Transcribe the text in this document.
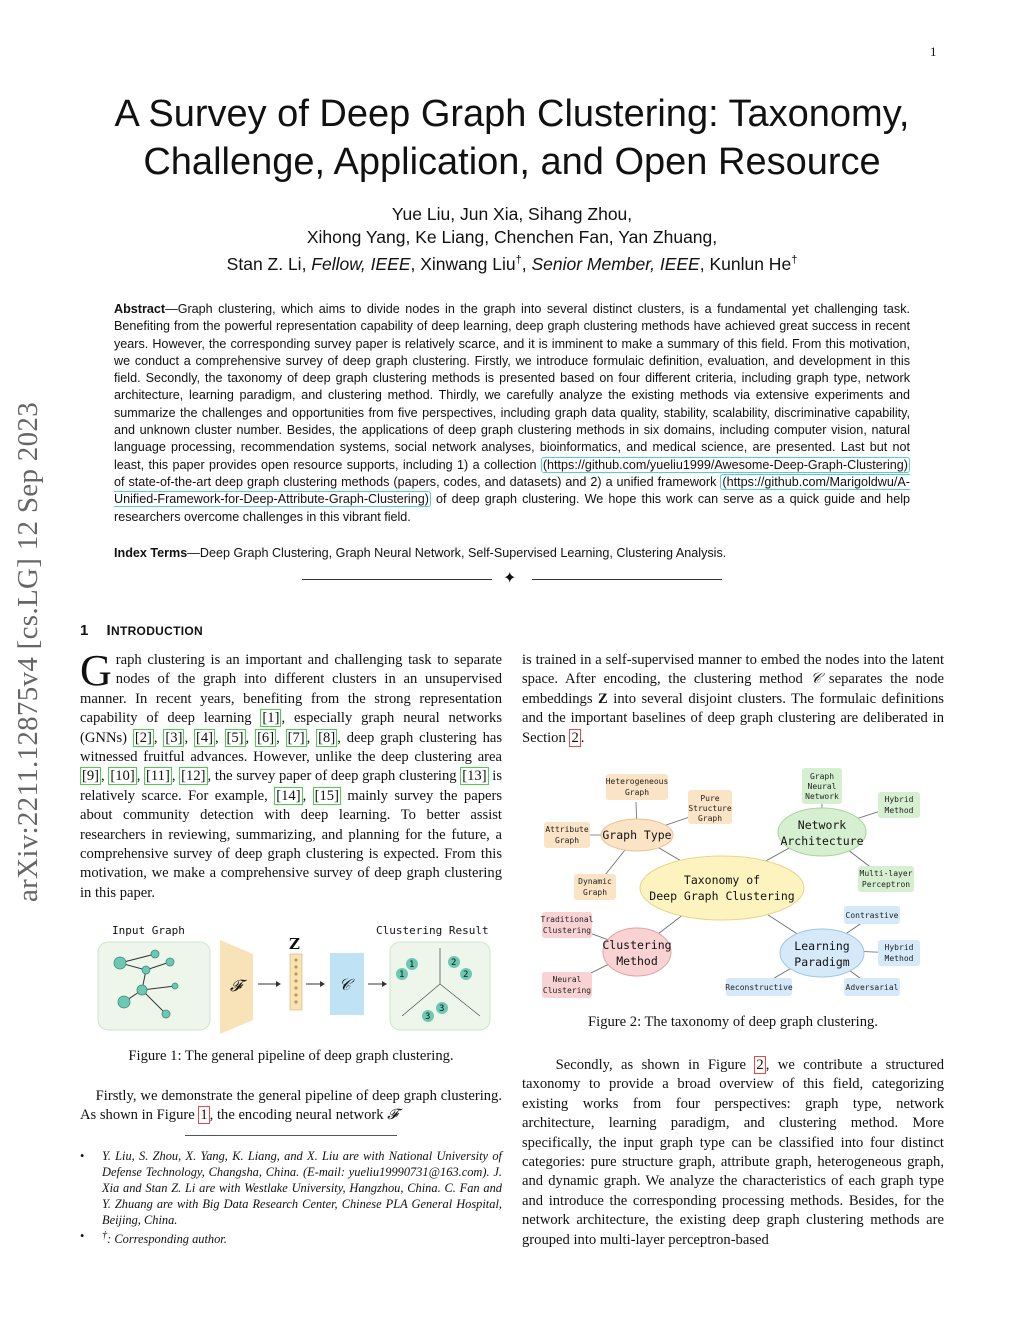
1
arXiv:2211.12875v4 [cs.LG] 12 Sep 2023
A Survey of Deep Graph Clustering: Taxonomy,
Challenge, Application, and Open Resource
Yue Liu, Jun Xia, Sihang Zhou,
Xihong Yang, Ke Liang, Chenchen Fan, Yan Zhuang,
Stan Z. Li, Fellow, IEEE, Xinwang Liu†, Senior Member, IEEE, Kunlun He†
Abstract—Graph clustering, which aims to divide nodes in the graph into several distinct clusters, is a fundamental yet challenging task. Benefiting from the powerful representation capability of deep learning, deep graph clustering methods have achieved great success in recent years. However, the corresponding survey paper is relatively scarce, and it is imminent to make a summary of this field. From this motivation, we conduct a comprehensive survey of deep graph clustering. Firstly, we introduce formulaic definition, evaluation, and development in this field. Secondly, the taxonomy of deep graph clustering methods is presented based on four different criteria, including graph type, network architecture, learning paradigm, and clustering method. Thirdly, we carefully analyze the existing methods via extensive experiments and summarize the challenges and opportunities from five perspectives, including graph data quality, stability, scalability, discriminative capability, and unknown cluster number. Besides, the applications of deep graph clustering methods in six domains, including computer vision, natural language processing, recommendation systems, social network analyses, bioinformatics, and medical science, are presented. Last but not least, this paper provides open resource supports, including 1) a collection (https://github.com/yueliu1999/Awesome-Deep-Graph-Clustering) of state-of-the-art deep graph clustering methods (papers, codes, and datasets) and 2) a unified framework (https://github.com/Marigoldwu/A-Unified-Framework-for-Deep-Attribute-Graph-Clustering) of deep graph clustering. We hope this work can serve as a quick guide and help researchers overcome challenges in this vibrant field.
Index Terms—Deep Graph Clustering, Graph Neural Network, Self-Supervised Learning, Clustering Analysis.
✦
1 INTRODUCTION
Graph clustering is an important and challenging task to separate nodes of the graph into different clusters in an unsupervised manner. In recent years, benefiting from the strong representation capability of deep learning [1] , especially graph neural networks (GNNs) [2] , [3] , [4] , [5] , [6] , [7] , [8] , deep graph clustering has witnessed fruitful advances. However, unlike the deep clustering area [9] , [10] , [11] , [12] , the survey paper of deep graph clustering [13] is relatively scarce. For example, [14] , [15] mainly survey the papers about community detection with deep learning. To better assist researchers in reviewing, summarizing, and planning for the future, a comprehensive survey of deep graph clustering is expected. From this motivation, we make a comprehensive survey of deep graph clustering in this paper.
Input Graph
𝓕
Z
𝒞
Clustering Result
1
1
2
2
3
3
Figure 1: The general pipeline of deep graph clustering.
Firstly, we demonstrate the general pipeline of deep graph clustering. As shown in Figure 1 , the encoding neural network 𝓕
• Y. Liu, S. Zhou, X. Yang, K. Liang, and X. Liu are with National University of Defense Technology, Changsha, China. (E-mail: yueliu19990731@163.com). J. Xia and Stan Z. Li are with Westlake University, Hangzhou, China. C. Fan and Y. Zhuang are with Big Data Research Center, Chinese PLA General Hospital, Beijing, China.
• †: Corresponding author.
is trained in a self-supervised manner to embed the nodes into the latent space. After encoding, the clustering method 𝒞 separates the node embeddings Z into several disjoint clusters. The formulaic definitions and the important baselines of deep graph clustering are deliberated in Section 2 .
Taxonomy of
Deep Graph Clustering
Graph Type
Network
Architecture
Clustering
Method
Learning
Paradigm
Heterogeneous
Graph
Pure
Structure
Graph
Attribute
Graph
Dynamic
Graph
Graph
Neural
Network	Hybrid
Method
Multi-layer
Perceptron
Traditional
Clustering
Neural
Clustering
Contrastive
Hybrid
Method
Reconstructive	Adversarial
Figure 2: The taxonomy of deep graph clustering.
Secondly, as shown in Figure 2 , we contribute a structured taxonomy to provide a broad overview of this field, categorizing existing works from four perspectives: graph type, network architecture, learning paradigm, and clustering method. More specifically, the input graph type can be classified into four distinct categories: pure structure graph, attribute graph, heterogeneous graph, and dynamic graph. We analyze the characteristics of each graph type and introduce the corresponding processing methods. Besides, for the network architecture, the existing deep graph clustering methods are grouped into multi-layer perceptron-based
